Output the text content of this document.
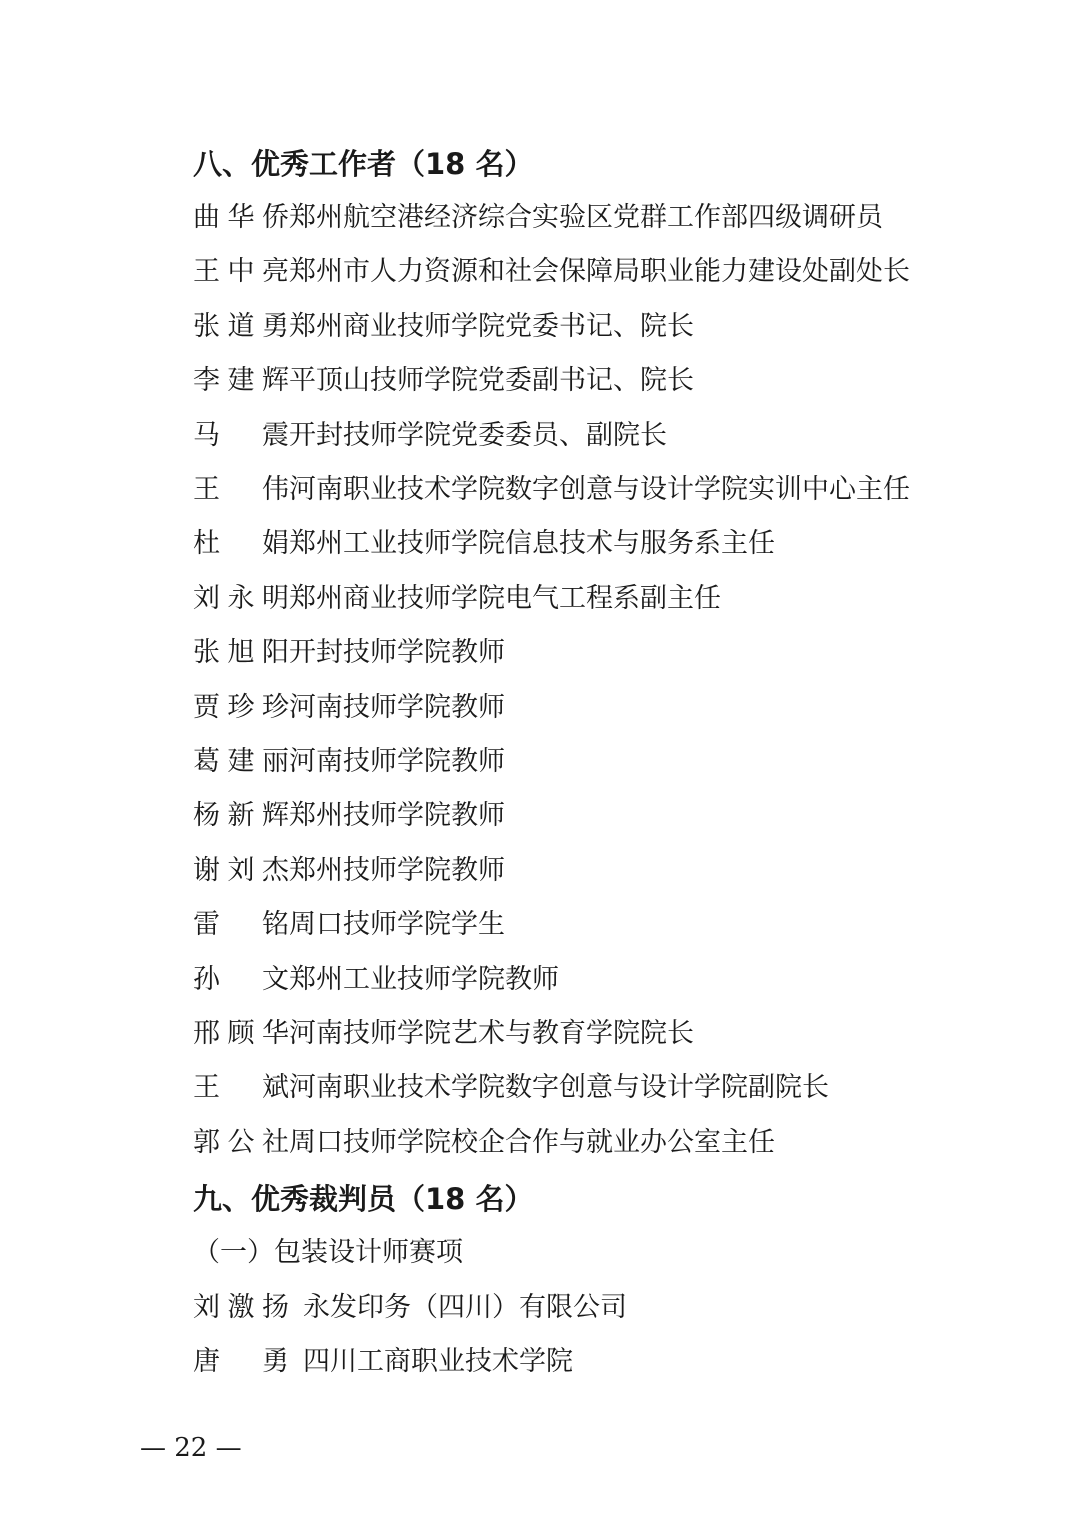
八、优秀工作者（18 名）
曲华侨郑州航空港经济综合实验区党群工作部四级调研员
王中亮郑州市人力资源和社会保障局职业能力建设处副处长
张道勇郑州商业技师学院党委书记、院长
李建辉平顶山技师学院党委副书记、院长
马　震开封技师学院党委委员、副院长
王　伟河南职业技术学院数字创意与设计学院实训中心主任
杜　娟郑州工业技师学院信息技术与服务系主任
刘永明郑州商业技师学院电气工程系副主任
张旭阳开封技师学院教师
贾珍珍河南技师学院教师
葛建丽河南技师学院教师
杨新辉郑州技师学院教师
谢刘杰郑州技师学院教师
雷　铭周口技师学院学生
孙　文郑州工业技师学院教师
邢顾华河南技师学院艺术与教育学院院长
王　斌河南职业技术学院数字创意与设计学院副院长
郭公社周口技师学院校企合作与就业办公室主任
九、优秀裁判员（18 名）
（一）包装设计师赛项
刘激扬 永发印务（四川）有限公司
唐　勇 四川工商职业技术学院
— 22 —
